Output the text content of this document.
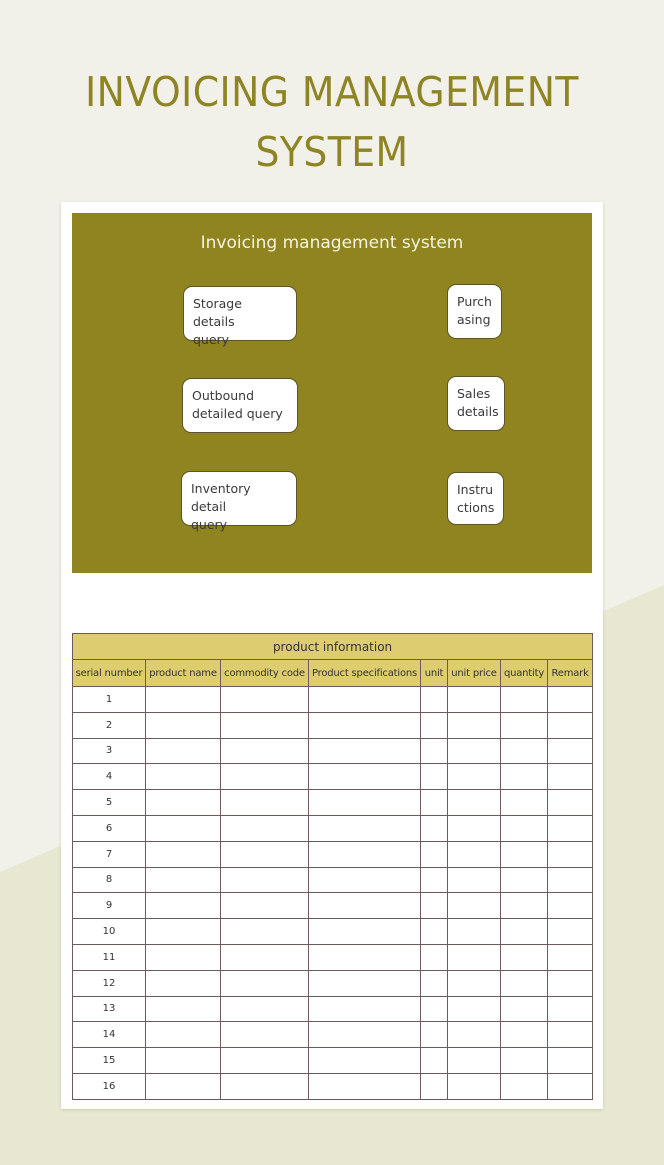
INVOICING MANAGEMENT
SYSTEM
Invoicing management system
Storage details
query
Purch
asing
Outbound
detailed query
Sales
details
Inventory detail
query
Instru
ctions
product information							
serial number	product name	commodity code	Product specifications	unit	unit price	quantity	Remark
1							
2							
3							
4							
5							
6							
7							
8							
9							
10							
11							
12							
13							
14							
15							
16							
